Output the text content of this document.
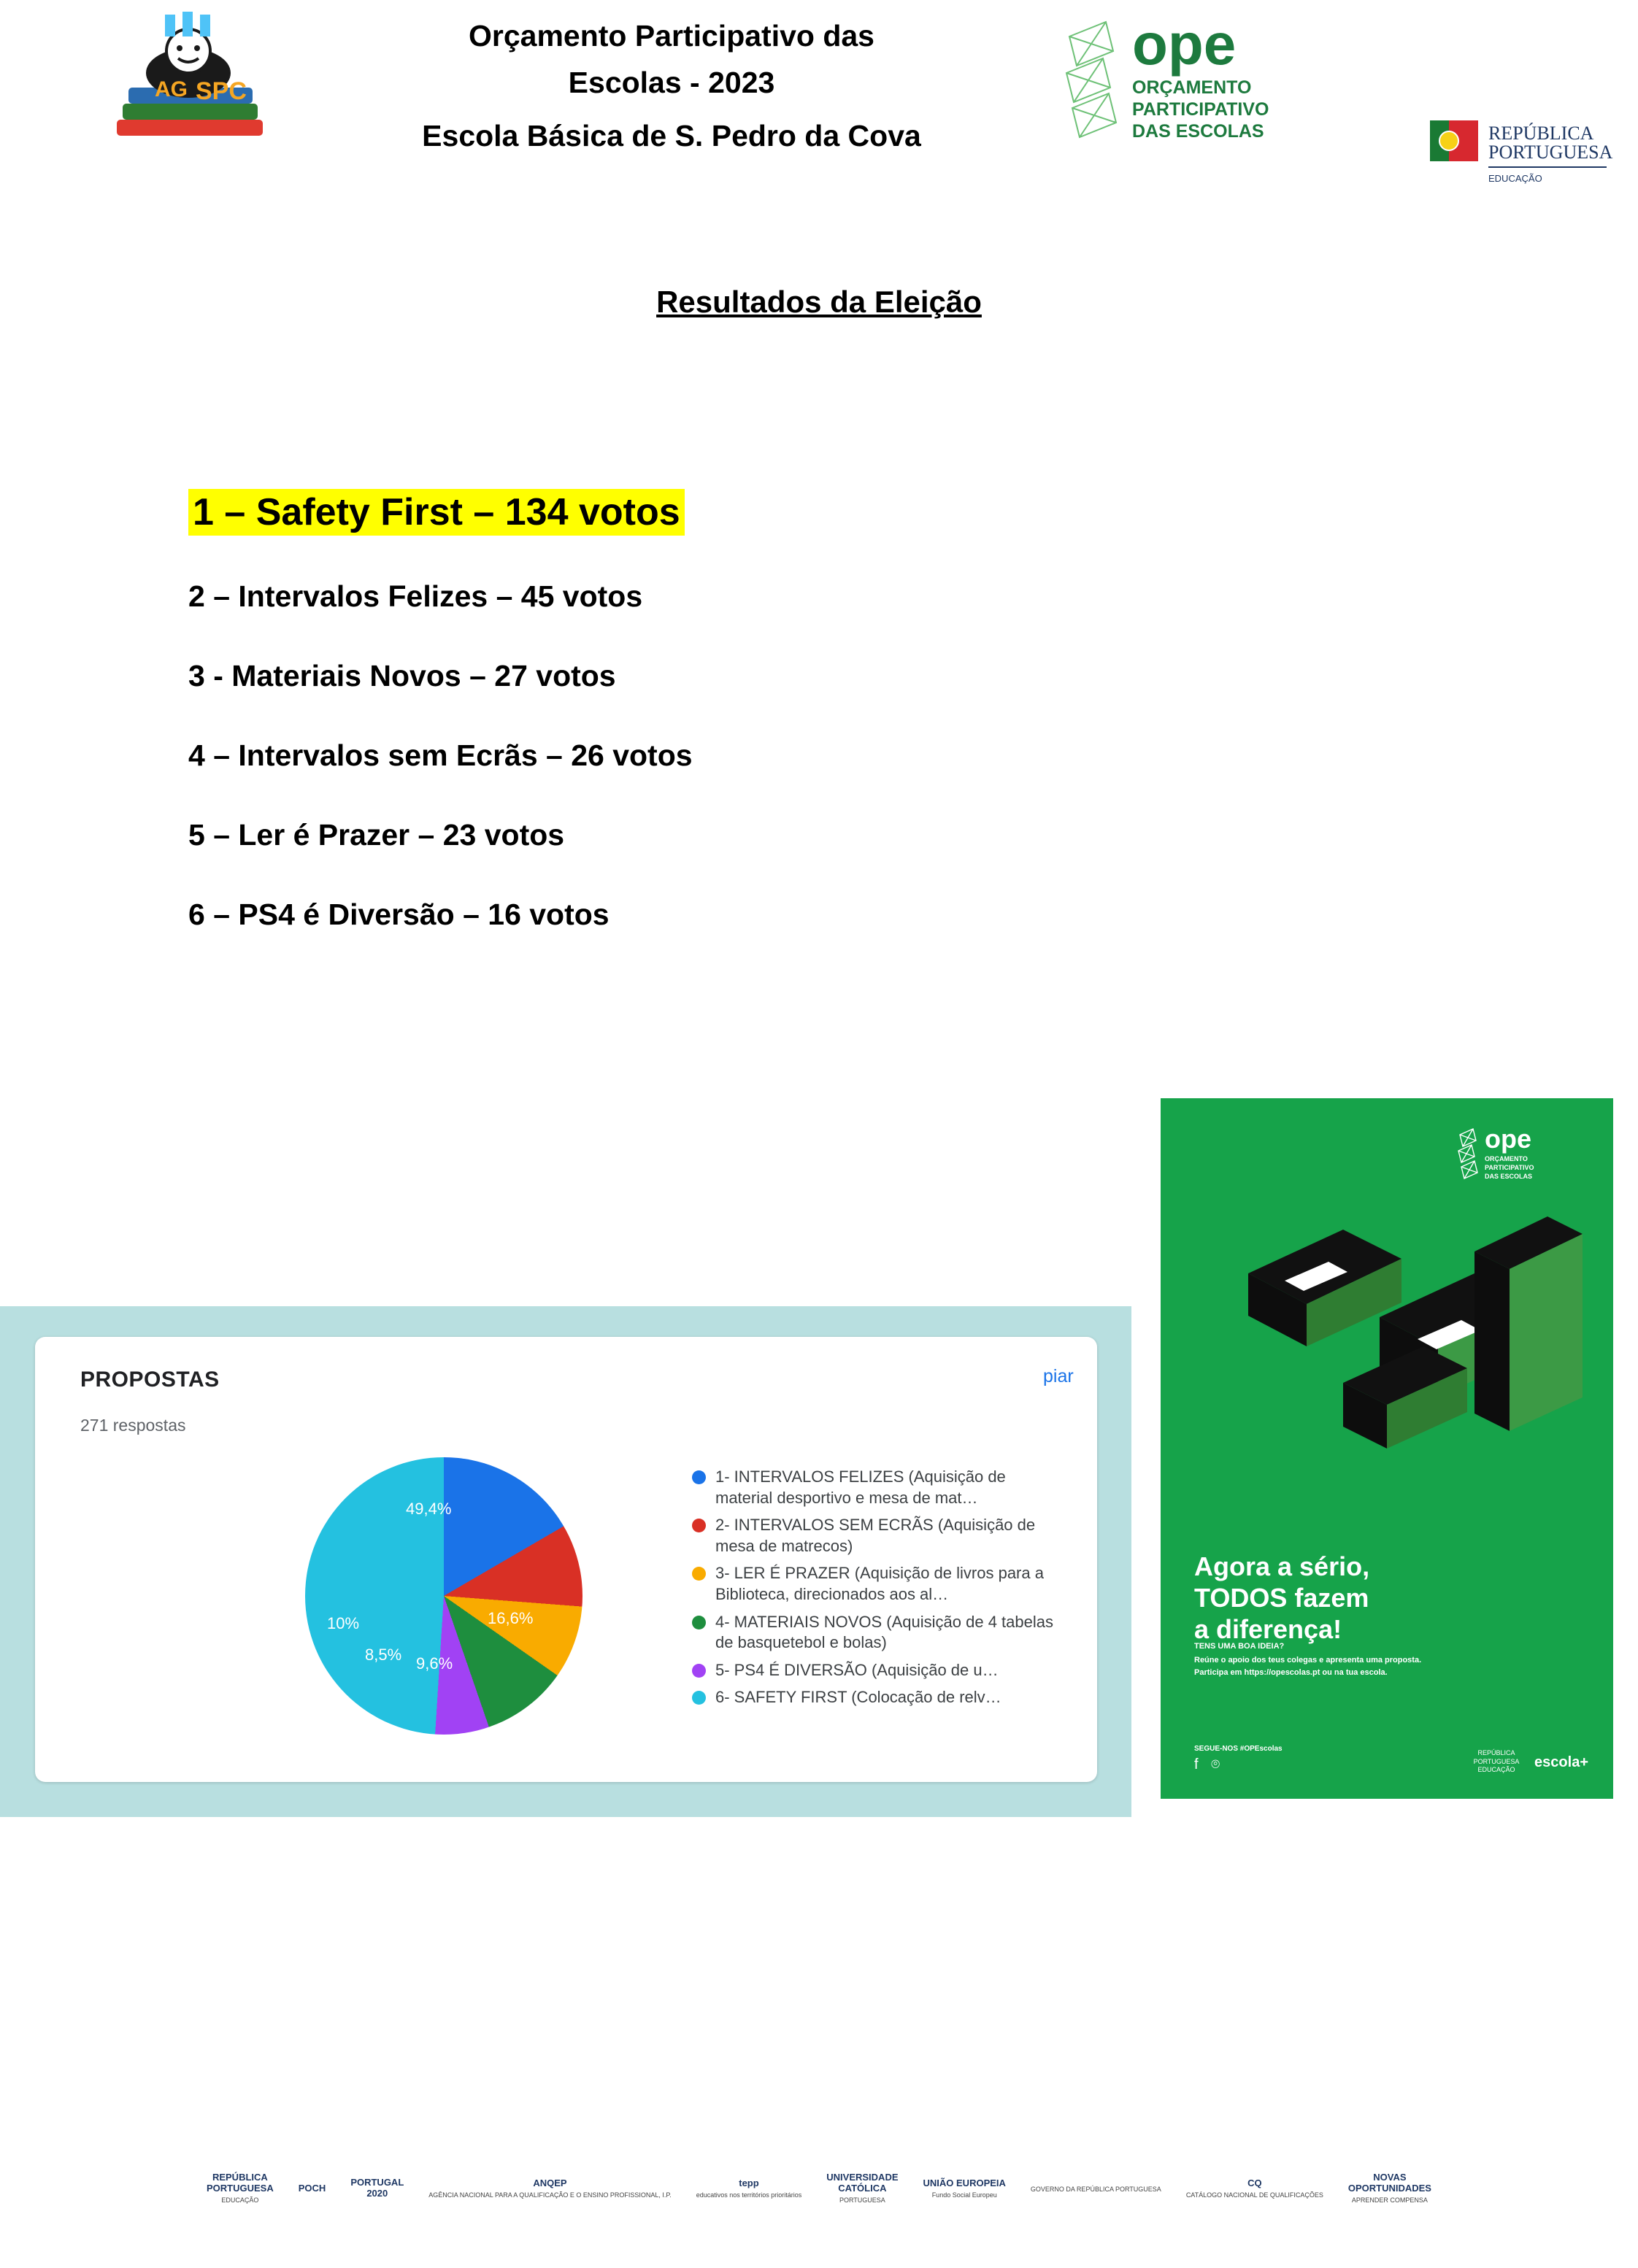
AG SPC
Orçamento Participativo das
Escolas - 2023
Escola Básica de S. Pedro da Cova
ope
ORÇAMENTO
PARTICIPATIVO
DAS ESCOLAS	REPÚBLICA
PORTUGUESA
EDUCAÇÃO
Resultados da Eleição
1 – Safety First – 134 votos
2 – Intervalos Felizes – 45 votos
3 - Materiais Novos – 27 votos
4 – Intervalos sem Ecrãs – 26 votos
5 – Ler é Prazer – 23 votos
6 – PS4 é Diversão – 16 votos
PROPOSTAS
271 respostas
piar
49,4%
16,6%
9,6%
8,5%
10%
1- INTERVALOS FELIZES (Aquisição de material desportivo e mesa de mat…
2- INTERVALOS SEM ECRÃS (Aquisição de mesa de matrecos)
3- LER É PRAZER (Aquisição de livros para a Biblioteca, direcionados aos al…
4- MATERIAIS NOVOS (Aquisição de 4 tabelas de basquetebol e bolas)
5- PS4 É DIVERSÃO (Aquisição de u…
6- SAFETY FIRST (Colocação de relv…
ope
ORÇAMENTO
PARTICIPATIVO
DAS ESCOLAS
Agora a sério,
TODOS fazem
a diferença!
TENS UMA BOA IDEIA?
Reúne o apoio dos teus colegas e apresenta uma proposta. Participa em https://opescolas.pt ou na tua escola.
SEGUE-NOS #OPEscolas
f ⌾
REPÚBLICA
PORTUGUESA
EDUCAÇÃO	escola+
REPÚBLICA
PORTUGUESA
EDUCAÇÃO
POCH	PORTUGAL
2020
ANQEP
AGÊNCIA NACIONAL PARA A QUALIFICAÇÃO E O ENSINO PROFISSIONAL, I.P.
tepp
educativos nos territórios prioritários
UNIVERSIDADE
CATÓLICA
PORTUGUESA
UNIÃO EUROPEIA
Fundo Social Europeu
GOVERNO DA REPÚBLICA PORTUGUESA
CQ
CATÁLOGO NACIONAL DE QUALIFICAÇÕES
NOVAS
OPORTUNIDADES
APRENDER COMPENSA
